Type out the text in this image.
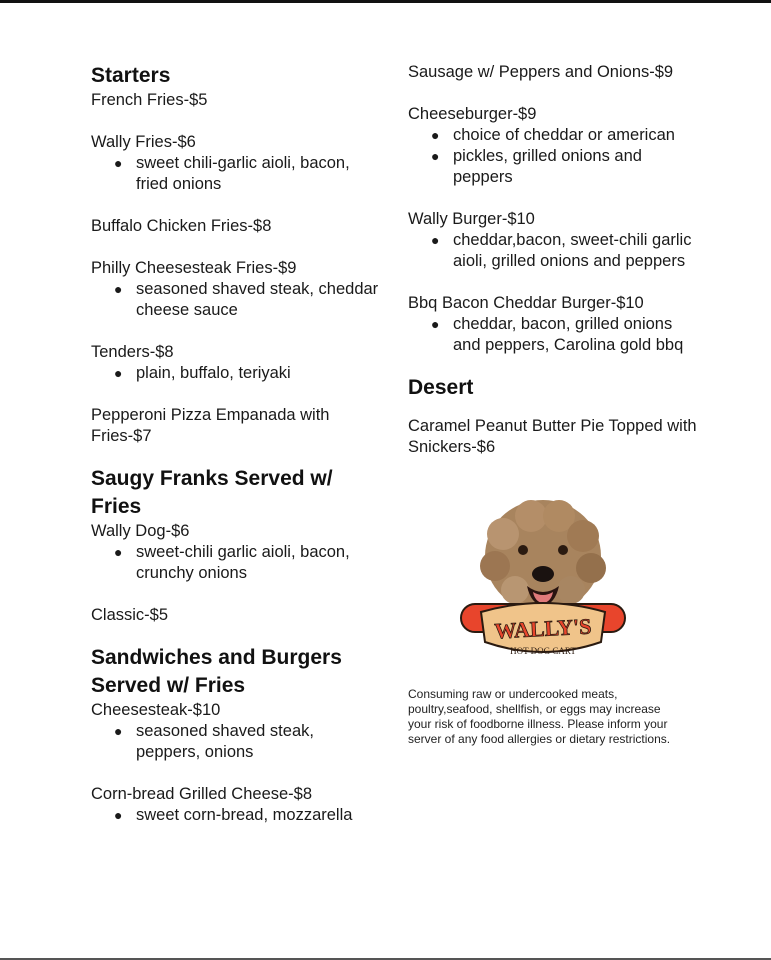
Starters

French Fries-$5

Wally Fries-$6

● sweet chili-garlic aioli, bacon, fried onions

Buffalo Chicken Fries-$8

Philly Cheesesteak Fries-$9

● seasoned shaved steak, cheddar cheese sauce

Tenders-$8

● plain, buffalo, teriyaki

Pepperoni Pizza Empanada with Fries-$7

Saugy Franks Served w/ Fries

Wally Dog-$6

● sweet-chili garlic aioli, bacon, crunchy onions

Classic-$5

Sandwiches and Burgers Served w/ Fries

Cheesesteak-$10

● seasoned shaved steak, peppers, onions

Corn-bread Grilled Cheese-$8

● sweet corn-bread, mozzarella

Sausage w/ Peppers and Onions-$9

Cheeseburger-$9

● choice of cheddar or american
● pickles, grilled onions and peppers

Wally Burger-$10

● cheddar,bacon, sweet-chili garlic aioli, grilled onions and peppers

Bbq Bacon Cheddar Burger-$10

● cheddar, bacon, grilled onions and peppers, Carolina gold bbq
Desert

Caramel Peanut Butter Pie Topped with Snickers-$6

WALLY'S
HOT DOG CART

Consuming raw or undercooked meats, poultry,seafood, shellfish, or eggs may increase your risk of foodborne illness. Please inform your server of any food allergies or dietary restrictions.
